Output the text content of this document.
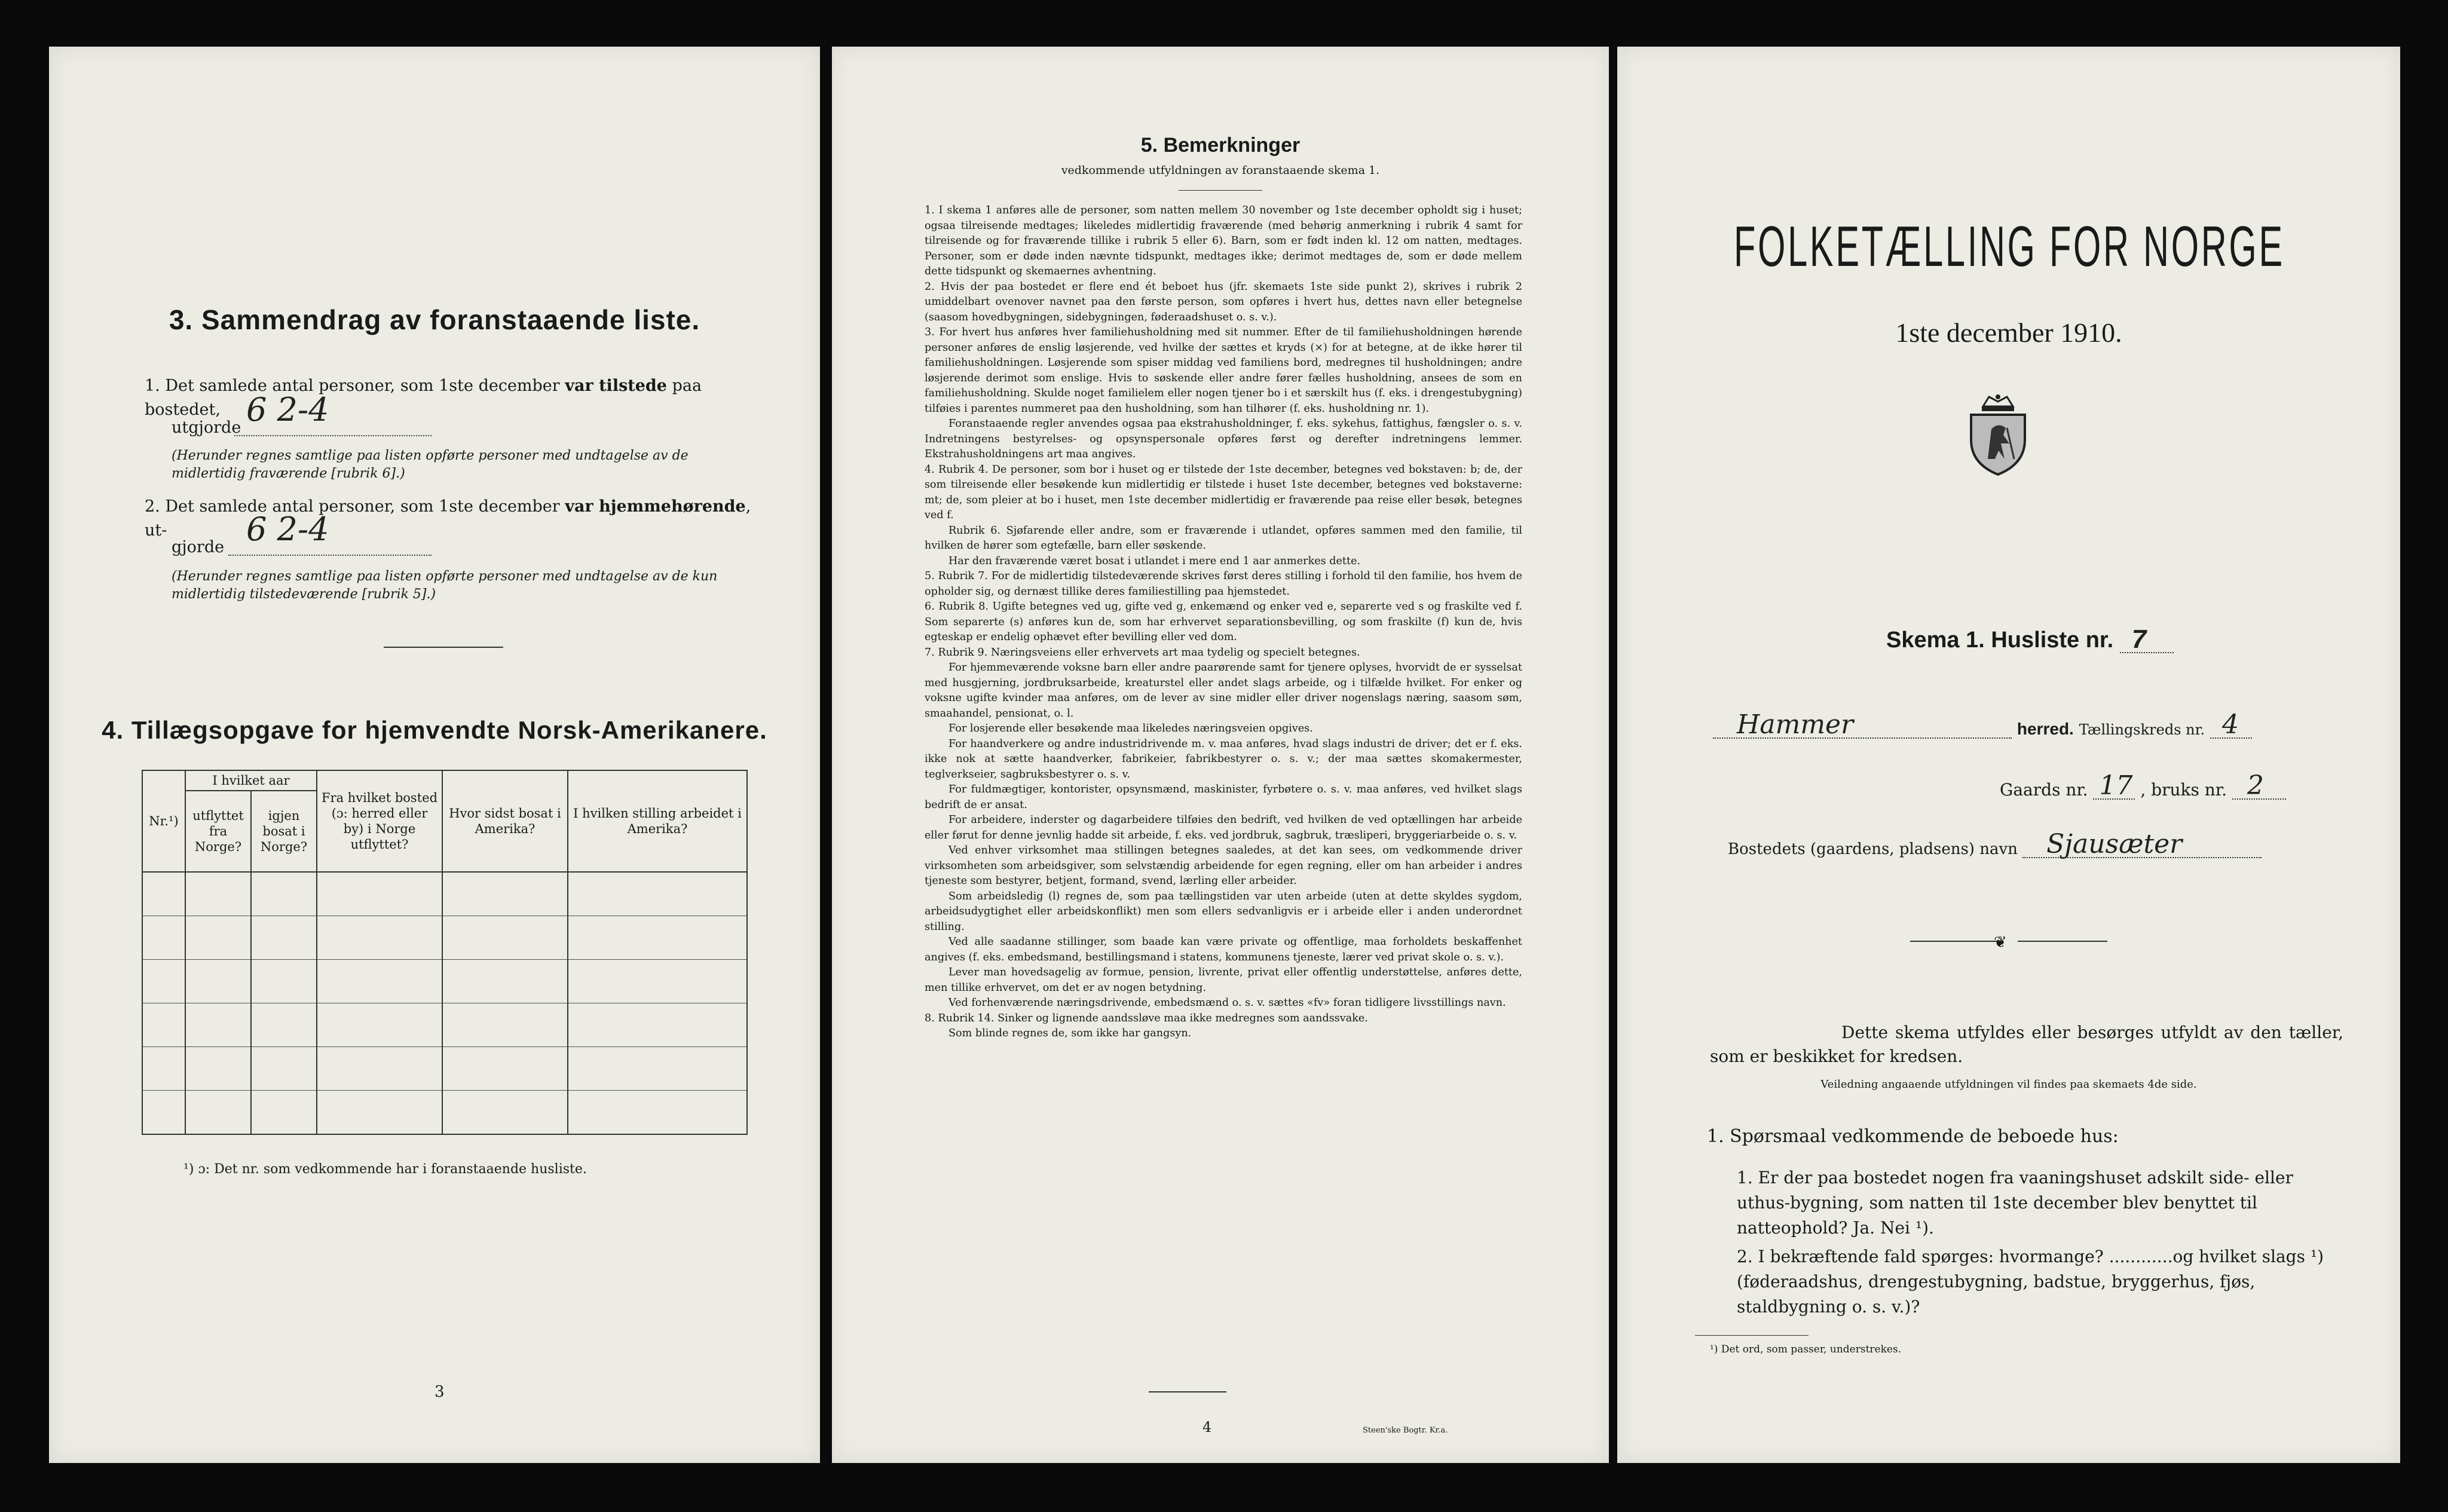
3. Sammendrag av foranstaaende liste.
1. Det samlede antal personer, som 1ste december var tilstede paa bostedet,
utgjorde 6 2-4
(Herunder regnes samtlige paa listen opførte personer med undtagelse av de midlertidig fraværende [rubrik 6].)
2. Det samlede antal personer, som 1ste december var hjemmehørende, ut-
gjorde 6 2-4
(Herunder regnes samtlige paa listen opførte personer med undtagelse av de kun midlertidig tilstedeværende [rubrik 5].)
4. Tillægsopgave for hjemvendte Norsk-Amerikanere.
Nr.¹)	I hvilket aar		Fra hvilket bosted (ɔ: herred eller by) i Norge utflyttet?	Hvor sidst bosat i Amerika?	I hvilken stilling arbeidet i Amerika?
	utflyttet fra Norge?	igjen bosat i Norge?			

¹) ɔ: Det nr. som vedkommende har i foranstaaende husliste.
3
5. Bemerkninger
vedkommende utfyldningen av foranstaaende skema 1.

1. I skema 1 anføres alle de personer, som natten mellem 30 november og 1ste december opholdt sig i huset; ogsaa tilreisende medtages; likeledes midlertidig fraværende (med behørig anmerkning i rubrik 4 samt for tilreisende og for fraværende tillike i rubrik 5 eller 6). Barn, som er født inden kl. 12 om natten, medtages. Personer, som er døde inden nævnte tidspunkt, medtages ikke; derimot medtages de, som er døde mellem dette tidspunkt og skemaernes avhentning.

2. Hvis der paa bostedet er flere end ét beboet hus (jfr. skemaets 1ste side punkt 2), skrives i rubrik 2 umiddelbart ovenover navnet paa den første person, som opføres i hvert hus, dettes navn eller betegnelse (saasom hovedbygningen, sidebygningen, føderaadshuset o. s. v.).

3. For hvert hus anføres hver familiehusholdning med sit nummer. Efter de til familiehusholdningen hørende personer anføres de enslig løsjerende, ved hvilke der sættes et kryds (×) for at betegne, at de ikke hører til familiehusholdningen. Løsjerende som spiser middag ved familiens bord, medregnes til husholdningen; andre løsjerende derimot som enslige. Hvis to søskende eller andre fører fælles husholdning, ansees de som en familiehusholdning. Skulde noget familielem eller nogen tjener bo i et særskilt hus (f. eks. i drengestubygning) tilføies i parentes nummeret paa den husholdning, som han tilhører (f. eks. husholdning nr. 1).

Foranstaaende regler anvendes ogsaa paa ekstrahusholdninger, f. eks. sykehus, fattighus, fængsler o. s. v. Indretningens bestyrelses- og opsynspersonale opføres først og derefter indretningens lemmer. Ekstrahusholdningens art maa angives.

4. Rubrik 4. De personer, som bor i huset og er tilstede der 1ste december, betegnes ved bokstaven: b; de, der som tilreisende eller besøkende kun midlertidig er tilstede i huset 1ste december, betegnes ved bokstaverne: mt; de, som pleier at bo i huset, men 1ste december midlertidig er fraværende paa reise eller besøk, betegnes ved f.

Rubrik 6. Sjøfarende eller andre, som er fraværende i utlandet, opføres sammen med den familie, til hvilken de hører som egtefælle, barn eller søskende.

Har den fraværende været bosat i utlandet i mere end 1 aar anmerkes dette.

5. Rubrik 7. For de midlertidig tilstedeværende skrives først deres stilling i forhold til den familie, hos hvem de opholder sig, og dernæst tillike deres familiestilling paa hjemstedet.

6. Rubrik 8. Ugifte betegnes ved ug, gifte ved g, enkemænd og enker ved e, separerte ved s og fraskilte ved f. Som separerte (s) anføres kun de, som har erhvervet separationsbevilling, og som fraskilte (f) kun de, hvis egteskap er endelig ophævet efter bevilling eller ved dom.

7. Rubrik 9. Næringsveiens eller erhvervets art maa tydelig og specielt betegnes.

For hjemmeværende voksne barn eller andre paarørende samt for tjenere oplyses, hvorvidt de er sysselsat med husgjerning, jordbruksarbeide, kreaturstel eller andet slags arbeide, og i tilfælde hvilket. For enker og voksne ugifte kvinder maa anføres, om de lever av sine midler eller driver nogenslags næring, saasom søm, smaahandel, pensionat, o. l.

For losjerende eller besøkende maa likeledes næringsveien opgives.

For haandverkere og andre industridrivende m. v. maa anføres, hvad slags industri de driver; det er f. eks. ikke nok at sætte haandverker, fabrikeier, fabrikbestyrer o. s. v.; der maa sættes skomakermester, teglverkseier, sagbruksbestyrer o. s. v.

For fuldmægtiger, kontorister, opsynsmænd, maskinister, fyrbøtere o. s. v. maa anføres, ved hvilket slags bedrift de er ansat.

For arbeidere, inderster og dagarbeidere tilføies den bedrift, ved hvilken de ved optællingen har arbeide eller førut for denne jevnlig hadde sit arbeide, f. eks. ved jordbruk, sagbruk, træsliperi, bryggeriarbeide o. s. v.

Ved enhver virksomhet maa stillingen betegnes saaledes, at det kan sees, om vedkommende driver virksomheten som arbeidsgiver, som selvstændig arbeidende for egen regning, eller om han arbeider i andres tjeneste som bestyrer, betjent, formand, svend, lærling eller arbeider.

Som arbeidsledig (l) regnes de, som paa tællingstiden var uten arbeide (uten at dette skyldes sygdom, arbeidsudygtighet eller arbeidskonflikt) men som ellers sedvanligvis er i arbeide eller i anden underordnet stilling.

Ved alle saadanne stillinger, som baade kan være private og offentlige, maa forholdets beskaffenhet angives (f. eks. embedsmand, bestillingsmand i statens, kommunens tjeneste, lærer ved privat skole o. s. v.).

Lever man hovedsagelig av formue, pension, livrente, privat eller offentlig understøttelse, anføres dette, men tillike erhvervet, om det er av nogen betydning.

Ved forhenværende næringsdrivende, embedsmænd o. s. v. sættes «fv» foran tidligere livsstillings navn.

8. Rubrik 14. Sinker og lignende aandssløve maa ikke medregnes som aandssvake.

Som blinde regnes de, som ikke har gangsyn.

4	Steen'ske Bogtr. Kr.a.
FOLKETÆLLING FOR NORGE
1ste december 1910.
Skema 1. Husliste nr. 7
Hammer	herred. Tællingskreds nr. 4
Gaards nr. 17 , bruks nr. 2
Bostedets (gaardens, pladsens) navn Sjausæter
❦
Dette skema utfyldes eller besørges utfyldt av den tæller, som er beskikket for kredsen.
Veiledning angaaende utfyldningen vil findes paa skemaets 4de side.
1. Spørsmaal vedkommende de beboede hus:
1. Er der paa bostedet nogen fra vaaningshuset adskilt side- eller uthus-bygning, som natten til 1ste december blev benyttet til natteophold? Ja. Nei ¹).
2. I bekræftende fald spørges: hvormange? ............og hvilket slags ¹) (føderaadshus, drengestubygning, badstue, bryggerhus, fjøs, staldbygning o. s. v.)?
¹) Det ord, som passer, understrekes.
